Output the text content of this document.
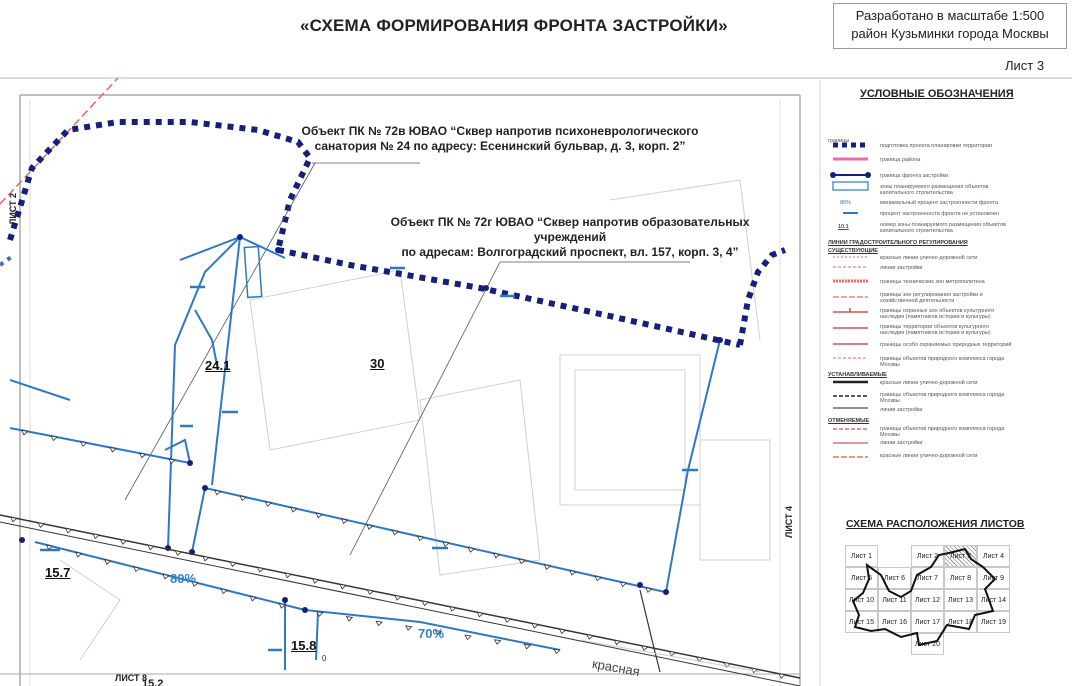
«СХЕМА ФОРМИРОВАНИЯ ФРОНТА ЗАСТРОЙКИ»
Разработано в масштабе 1:500
район Кузьминки города Москвы
Лист 3
Объект ПК № 72в ЮВАО “Сквер напротив психоневрологического
санатория № 24 по адресу: Есенинский бульвар, д. 3, корп. 2”
Объект ПК № 72г ЮВАО “Сквер напротив образовательных учреждений
по адресам: Волгоградский проспект, вл. 157, корп. 3, 4”
24.1	30
15.7
15.8
80%
70%
ЛИСТ 2
ЛИСТ 4
ЛИСТ 8	красная
0
15.2
УСЛОВНЫЕ ОБОЗНАЧЕНИЯ
границы
подготовка проекта планировки территории
граница района
граница фронта застройки
зоны планируемого размещения объектов капитального строительства
80%	минимальный процент застроенности фронта
процент застроенности фронта не установлен
10.1	номер зоны планируемого размещения объектов капитального строительства
ЛИНИИ ГРАДОСТРОИТЕЛЬНОГО РЕГУЛИРОВАНИЯ
СУЩЕСТВУЮЩИЕ
красные линии улично-дорожной сети
линии застройки
границы технических зон метрополитена
границы зон регулирования застройки и хозяйственной деятельности
границы охранных зон объектов культурного наследия (памятников истории и культуры)
границы территории объектов культурного наследия (памятников истории и культуры)
границы особо охраняемых природных территорий
границы объектов природного комплекса города Москвы
УСТАНАВЛИВАЕМЫЕ
красные линии улично-дорожной сети
границы объектов природного комплекса города Москвы
линии застройки
ОТМЕНЯЕМЫЕ
границы объектов природного комплекса города Москвы
линии застройки
красные линии улично-дорожной сети
СХЕМА РАСПОЛОЖЕНИЯ ЛИСТОВ
Лист 1	Лист 2	Лист 3	Лист 4
Лист 5	Лист 6	Лист 7	Лист 8	Лист 9
Лист 10	Лист 11	Лист 12	Лист 13	Лист 14
Лист 15	Лист 16	Лист 17	Лист 18	Лист 19
Лист 20
